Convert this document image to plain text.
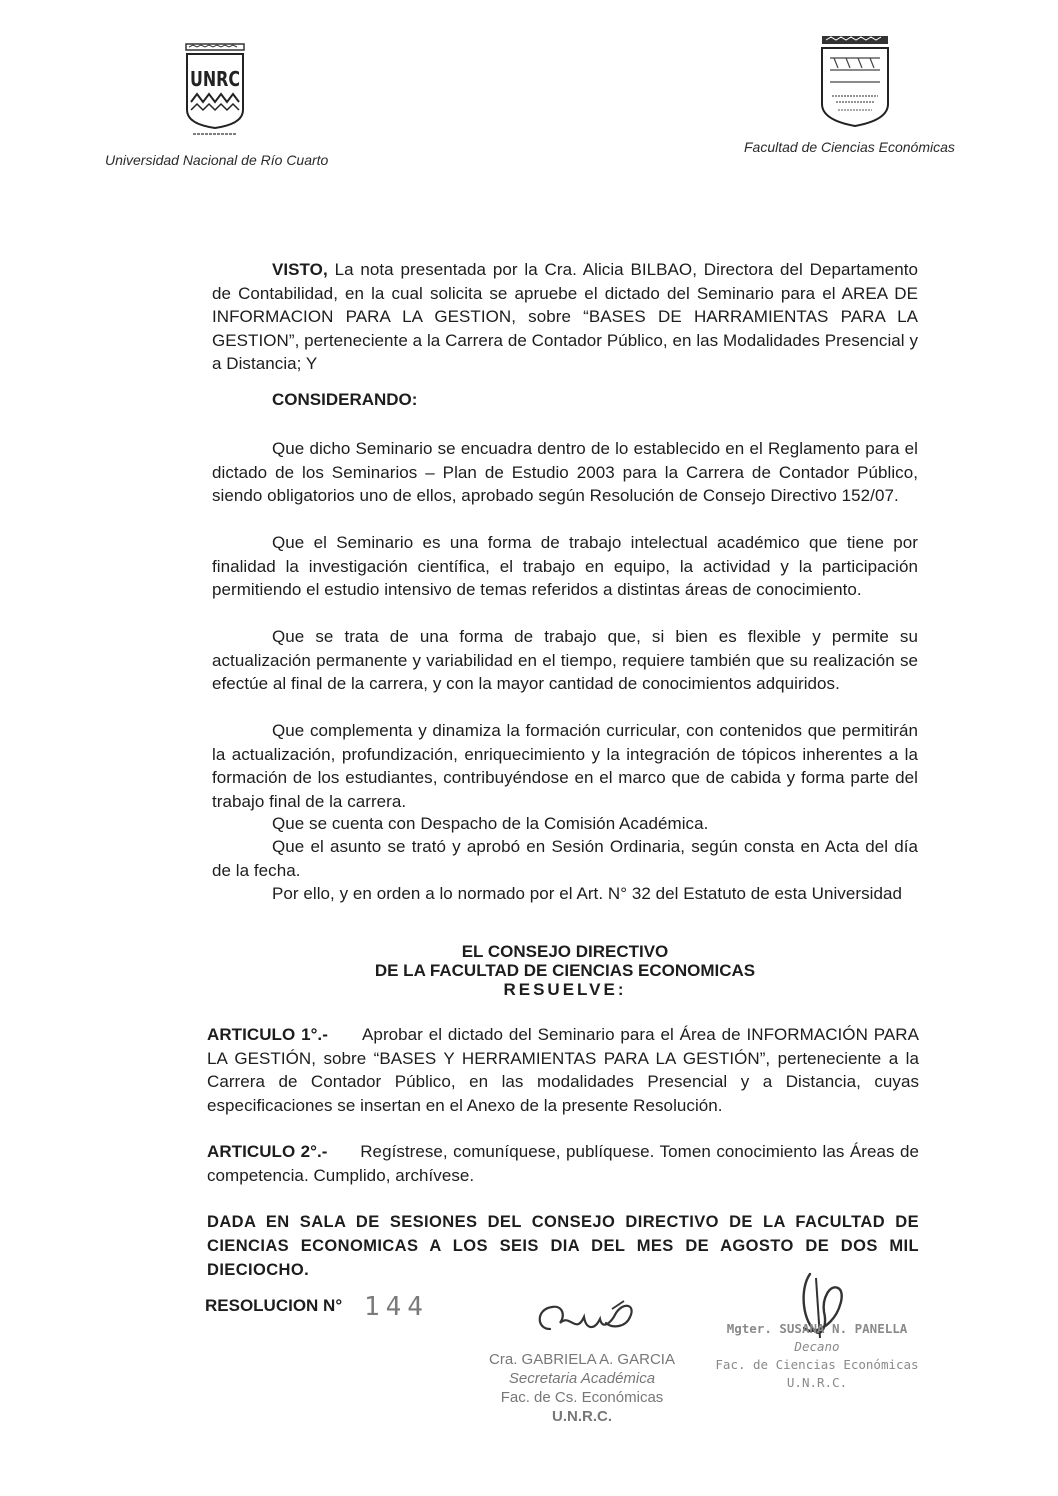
UNRC
Universidad Nacional de Río Cuarto
Facultad de Ciencias Económicas
VISTO, La nota presentada por la Cra. Alicia BILBAO, Directora del Departamento de Contabilidad, en la cual solicita se apruebe el dictado del Seminario para el AREA DE INFORMACION PARA LA GESTION, sobre “BASES DE HARRAMIENTAS PARA LA GESTION”, perteneciente a la Carrera de Contador Público, en las Modalidades Presencial y a Distancia; Y
CONSIDERANDO:
Que dicho Seminario se encuadra dentro de lo establecido en el Reglamento para el dictado de los Seminarios – Plan de Estudio 2003 para la Carrera de Contador Público, siendo obligatorios uno de ellos, aprobado según Resolución de Consejo Directivo 152/07.
Que el Seminario es una forma de trabajo intelectual académico que tiene por finalidad la investigación científica, el trabajo en equipo, la actividad y la participación permitiendo el estudio intensivo de temas referidos a distintas áreas de conocimiento.
Que se trata de una forma de trabajo que, si bien es flexible y permite su actualización permanente y variabilidad en el tiempo, requiere también que su realización se efectúe al final de la carrera, y con la mayor cantidad de conocimientos adquiridos.
Que complementa y dinamiza la formación curricular, con contenidos que permitirán la actualización, profundización, enriquecimiento y la integración de tópicos inherentes a la formación de los estudiantes, contribuyéndose en el marco que de cabida y forma parte del trabajo final de la carrera.
Que se cuenta con Despacho de la Comisión Académica.
Que el asunto se trató y aprobó en Sesión Ordinaria, según consta en Acta del día de la fecha.
Por ello, y en orden a lo normado por el Art. N° 32 del Estatuto de esta Universidad
EL CONSEJO DIRECTIVO
DE LA FACULTAD DE CIENCIAS ECONOMICAS
RESUELVE:
ARTICULO 1°.- Aprobar el dictado del Seminario para el Área de INFORMACIÓN PARA LA GESTIÓN, sobre “BASES Y HERRAMIENTAS PARA LA GESTIÓN”, perteneciente a la Carrera de Contador Público, en las modalidades Presencial y a Distancia, cuyas especificaciones se insertan en el Anexo de la presente Resolución.
ARTICULO 2°.- Regístrese, comuníquese, publíquese. Tomen conocimiento las Áreas de competencia. Cumplido, archívese.
DADA EN SALA DE SESIONES DEL CONSEJO DIRECTIVO DE LA FACULTAD DE CIENCIAS ECONOMICAS A LOS SEIS DIA DEL MES DE AGOSTO DE DOS MIL DIECIOCHO.
RESOLUCION N° 144
Cra. GABRIELA A. GARCIA
Secretaria Académica
Fac. de Cs. Económicas
U.N.R.C.
Mgter. SUSANA N. PANELLA
Decano
Fac. de Ciencias Económicas
U.N.R.C.
